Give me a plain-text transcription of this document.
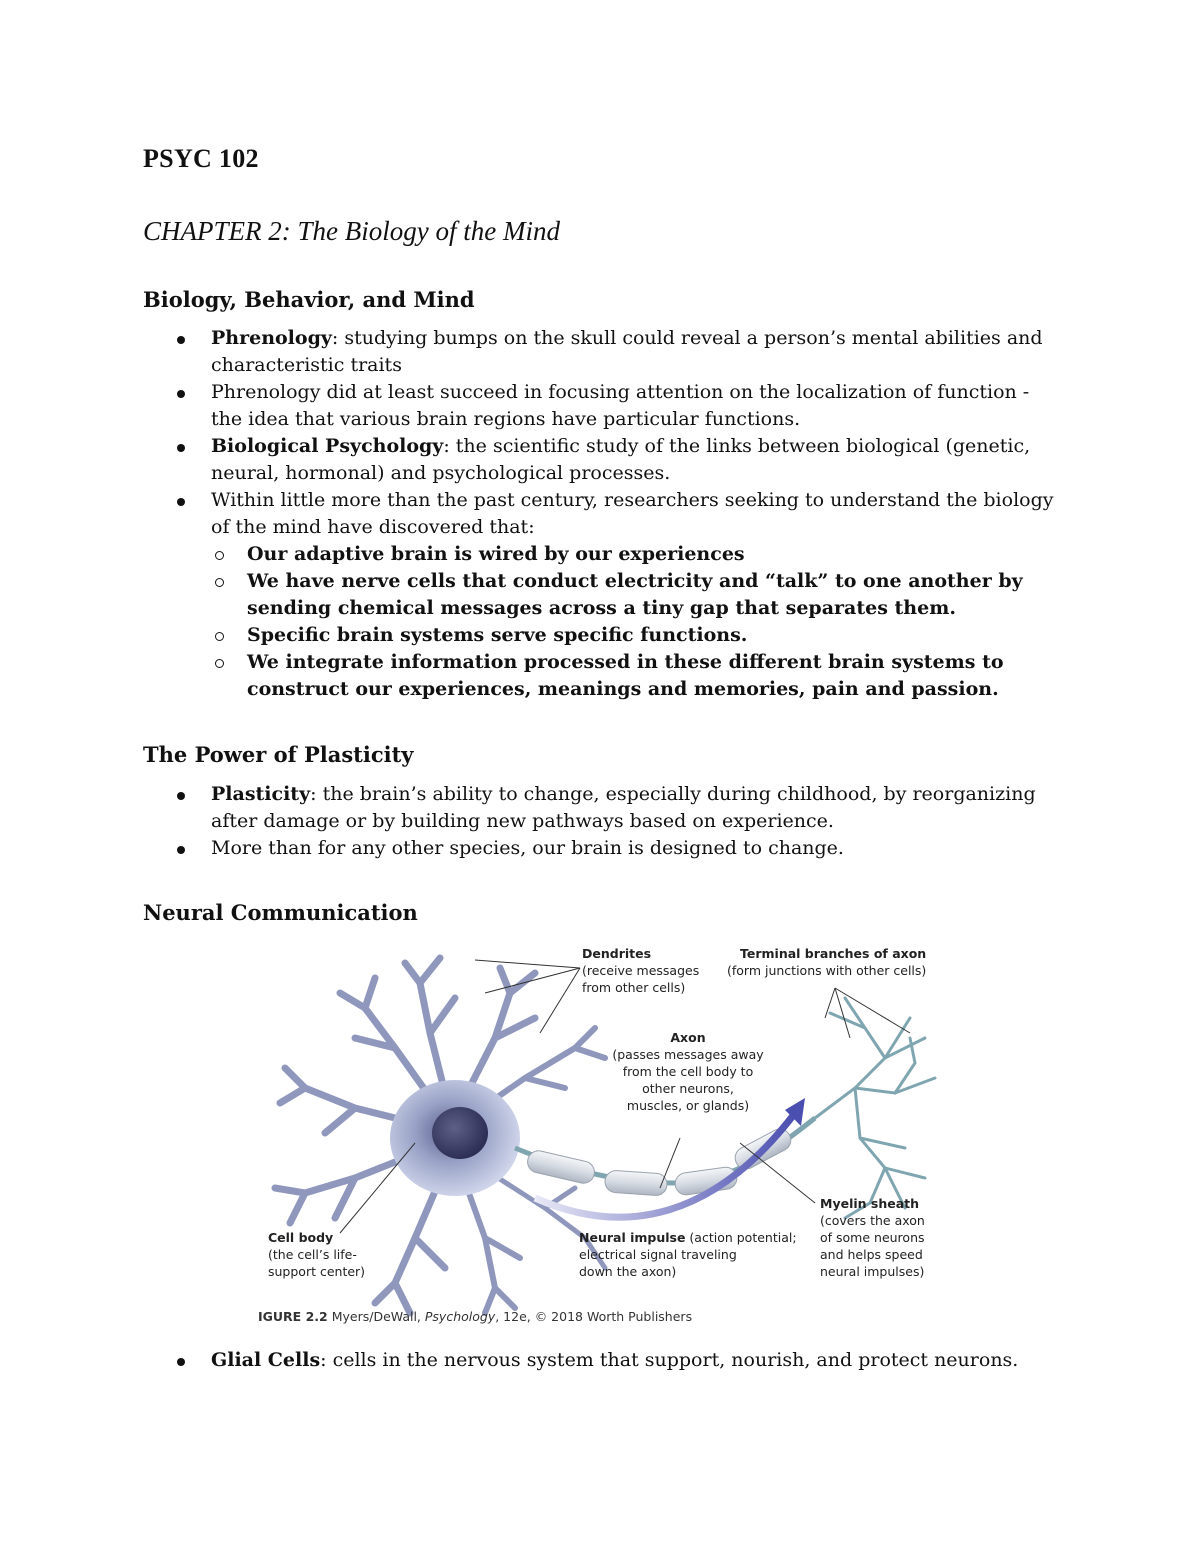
PSYC 102
CHAPTER 2: The Biology of the Mind
Biology, Behavior, and Mind
Phrenology: studying bumps on the skull could reveal a person’s mental abilities and characteristic traits
Phrenology did at least succeed in focusing attention on the localization of function - the idea that various brain regions have particular functions.
Biological Psychology: the scientific study of the links between biological (genetic, neural, hormonal) and psychological processes.
Within little more than the past century, researchers seeking to understand the biology of the mind have discovered that:
Our adaptive brain is wired by our experiences
We have nerve cells that conduct electricity and “talk” to one another by sending chemical messages across a tiny gap that separates them.
Specific brain systems serve specific functions.
We integrate information processed in these different brain systems to construct our experiences, meanings and memories, pain and passion.
The Power of Plasticity
Plasticity: the brain’s ability to change, especially during childhood, by reorganizing after damage or by building new pathways based on experience.
More than for any other species, our brain is designed to change.
Neural Communication
Dendrites
(receive messages
from other cells)
Terminal branches of axon
(form junctions with other cells)
Axon
(passes messages away
from the cell body to
other neurons,
muscles, or glands)
Cell body
(the cell’s life-
support center)
Neural impulse (action potential;
electrical signal traveling
down the axon)
Myelin sheath
(covers the axon
of some neurons
and helps speed
neural impulses)
IGURE 2.2 Myers/DeWall, Psychology, 12e, © 2018 Worth Publishers
Glial Cells: cells in the nervous system that support, nourish, and protect neurons.
